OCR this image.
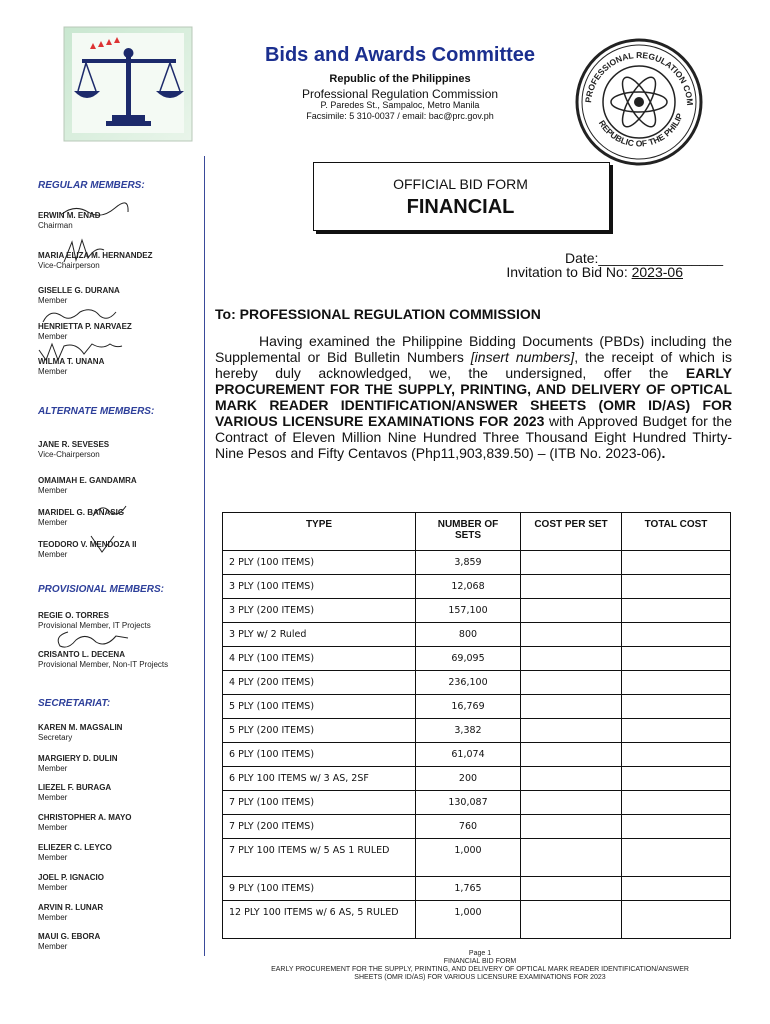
Bids and Awards Committee
Republic of the Philippines
Professional Regulation Commission
P. Paredes St., Sampaloc, Metro Manila
Facsimile: 5 310-0037 / email: bac@prc.gov.ph
PROFESSIONAL REGULATION COM
REPUBLIC OF THE PHILIP
REGULAR MEMBERS:
ERWIN M. ENAD
Chairman
MARIA ELIZA M. HERNANDEZ
Vice-Chairperson
GISELLE G. DURANA
Member
HENRIETTA P. NARVAEZ
Member
WILMA T. UNANA
Member
ALTERNATE MEMBERS:
JANE R. SEVESES
Vice-Chairperson
OMAIMAH E. GANDAMRA
Member
MARIDEL G. BANASIG
Member
TEODORO V. MENDOZA II
Member
PROVISIONAL MEMBERS:
REGIE O. TORRES
Provisional Member, IT Projects
CRISANTO L. DECENA
Provisional Member, Non-IT Projects
SECRETARIAT:
KAREN M. MAGSALIN
Secretary
MARGIERY D. DULIN
Member
LIEZEL F. BURAGA
Member
CHRISTOPHER A. MAYO
Member
ELIEZER C. LEYCO
Member
JOEL P. IGNACIO
Member
ARVIN R. LUNAR
Member
MAUI G. EBORA
Member
OFFICIAL BID FORM
FINANCIAL
Date:________________
Invitation to Bid No: 2023-06
To: PROFESSIONAL REGULATION COMMISSION
Having examined the Philippine Bidding Documents (PBDs) including the Supplemental or Bid Bulletin Numbers [insert numbers], the receipt of which is hereby duly acknowledged, we, the undersigned, offer the EARLY PROCUREMENT FOR THE SUPPLY, PRINTING, AND DELIVERY OF OPTICAL MARK READER IDENTIFICATION/ANSWER SHEETS (OMR ID/AS) FOR VARIOUS LICENSURE EXAMINATIONS FOR 2023 with Approved Budget for the Contract of Eleven Million Nine Hundred Three Thousand Eight Hundred Thirty-Nine Pesos and Fifty Centavos (Php11,903,839.50) – (ITB No. 2023-06).
TYPE	NUMBER OF SETS	COST PER SET	TOTAL COST
2 PLY (100 ITEMS)	3,859		
3 PLY (100 ITEMS)	12,068		
3 PLY (200 ITEMS)	157,100		
3 PLY w/ 2 Ruled	800		
4 PLY (100 ITEMS)	69,095		
4 PLY (200 ITEMS)	236,100		
5 PLY (100 ITEMS)	16,769		
5 PLY (200 ITEMS)	3,382		
6 PLY (100 ITEMS)	61,074		
6 PLY 100 ITEMS w/ 3 AS, 2SF	200		
7 PLY (100 ITEMS)	130,087		
7 PLY (200 ITEMS)	760		
7 PLY 100 ITEMS w/ 5 AS 1 RULED	1,000		
9 PLY (100 ITEMS)	1,765		
12 PLY 100 ITEMS w/ 6 AS, 5 RULED	1,000		
Page 1
FINANCIAL BID FORM
EARLY PROCUREMENT FOR THE SUPPLY, PRINTING, AND DELIVERY OF OPTICAL MARK READER IDENTIFICATION/ANSWER
SHEETS (OMR ID/AS) FOR VARIOUS LICENSURE EXAMINATIONS FOR 2023
